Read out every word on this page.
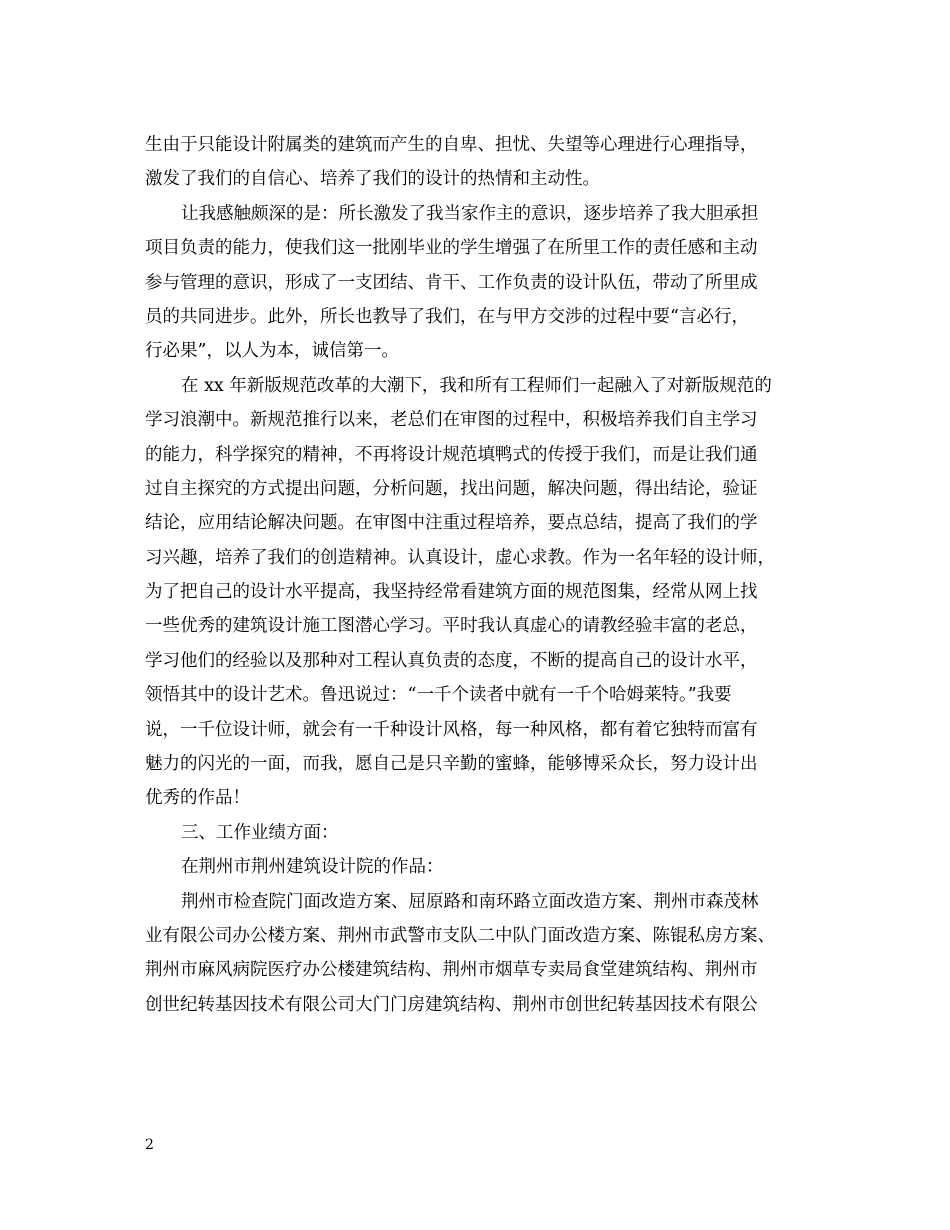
生由于只能设计附属类的建筑而产生的自卑、担忧、失望等心理进行心理指导，
激发了我们的自信心、培养了我们的设计的热情和主动性。
让我感触颇深的是：所长激发了我当家作主的意识，逐步培养了我大胆承担
项目负责的能力，使我们这一批刚毕业的学生增强了在所里工作的责任感和主动
参与管理的意识，形成了一支团结、肯干、工作负责的设计队伍，带动了所里成
员的共同进步。此外，所长也教导了我们，在与甲方交涉的过程中要“言必行，
行必果”，以人为本，诚信第一。
在 xx 年新版规范改革的大潮下，我和所有工程师们一起融入了对新版规范的
学习浪潮中。新规范推行以来，老总们在审图的过程中，积极培养我们自主学习
的能力，科学探究的精神，不再将设计规范填鸭式的传授于我们，而是让我们通
过自主探究的方式提出问题，分析问题，找出问题，解决问题，得出结论，验证
结论，应用结论解决问题。在审图中注重过程培养，要点总结，提高了我们的学
习兴趣，培养了我们的创造精神。认真设计，虚心求教。作为一名年轻的设计师，
为了把自己的设计水平提高，我坚持经常看建筑方面的规范图集，经常从网上找
一些优秀的建筑设计施工图潜心学习。平时我认真虚心的请教经验丰富的老总，
学习他们的经验以及那种对工程认真负责的态度，不断的提高自己的设计水平，
领悟其中的设计艺术。鲁迅说过：“一千个读者中就有一千个哈姆莱特。”我要
说，一千位设计师，就会有一千种设计风格，每一种风格，都有着它独特而富有
魅力的闪光的一面，而我，愿自己是只辛勤的蜜蜂，能够博采众长，努力设计出
优秀的作品！
三、工作业绩方面：
在荆州市荆州建筑设计院的作品：
荆州市检查院门面改造方案、屈原路和南环路立面改造方案、荆州市森茂林
业有限公司办公楼方案、荆州市武警市支队二中队门面改造方案、陈锟私房方案、
荆州市麻风病院医疗办公楼建筑结构、荆州市烟草专卖局食堂建筑结构、荆州市
创世纪转基因技术有限公司大门门房建筑结构、荆州市创世纪转基因技术有限公
2
